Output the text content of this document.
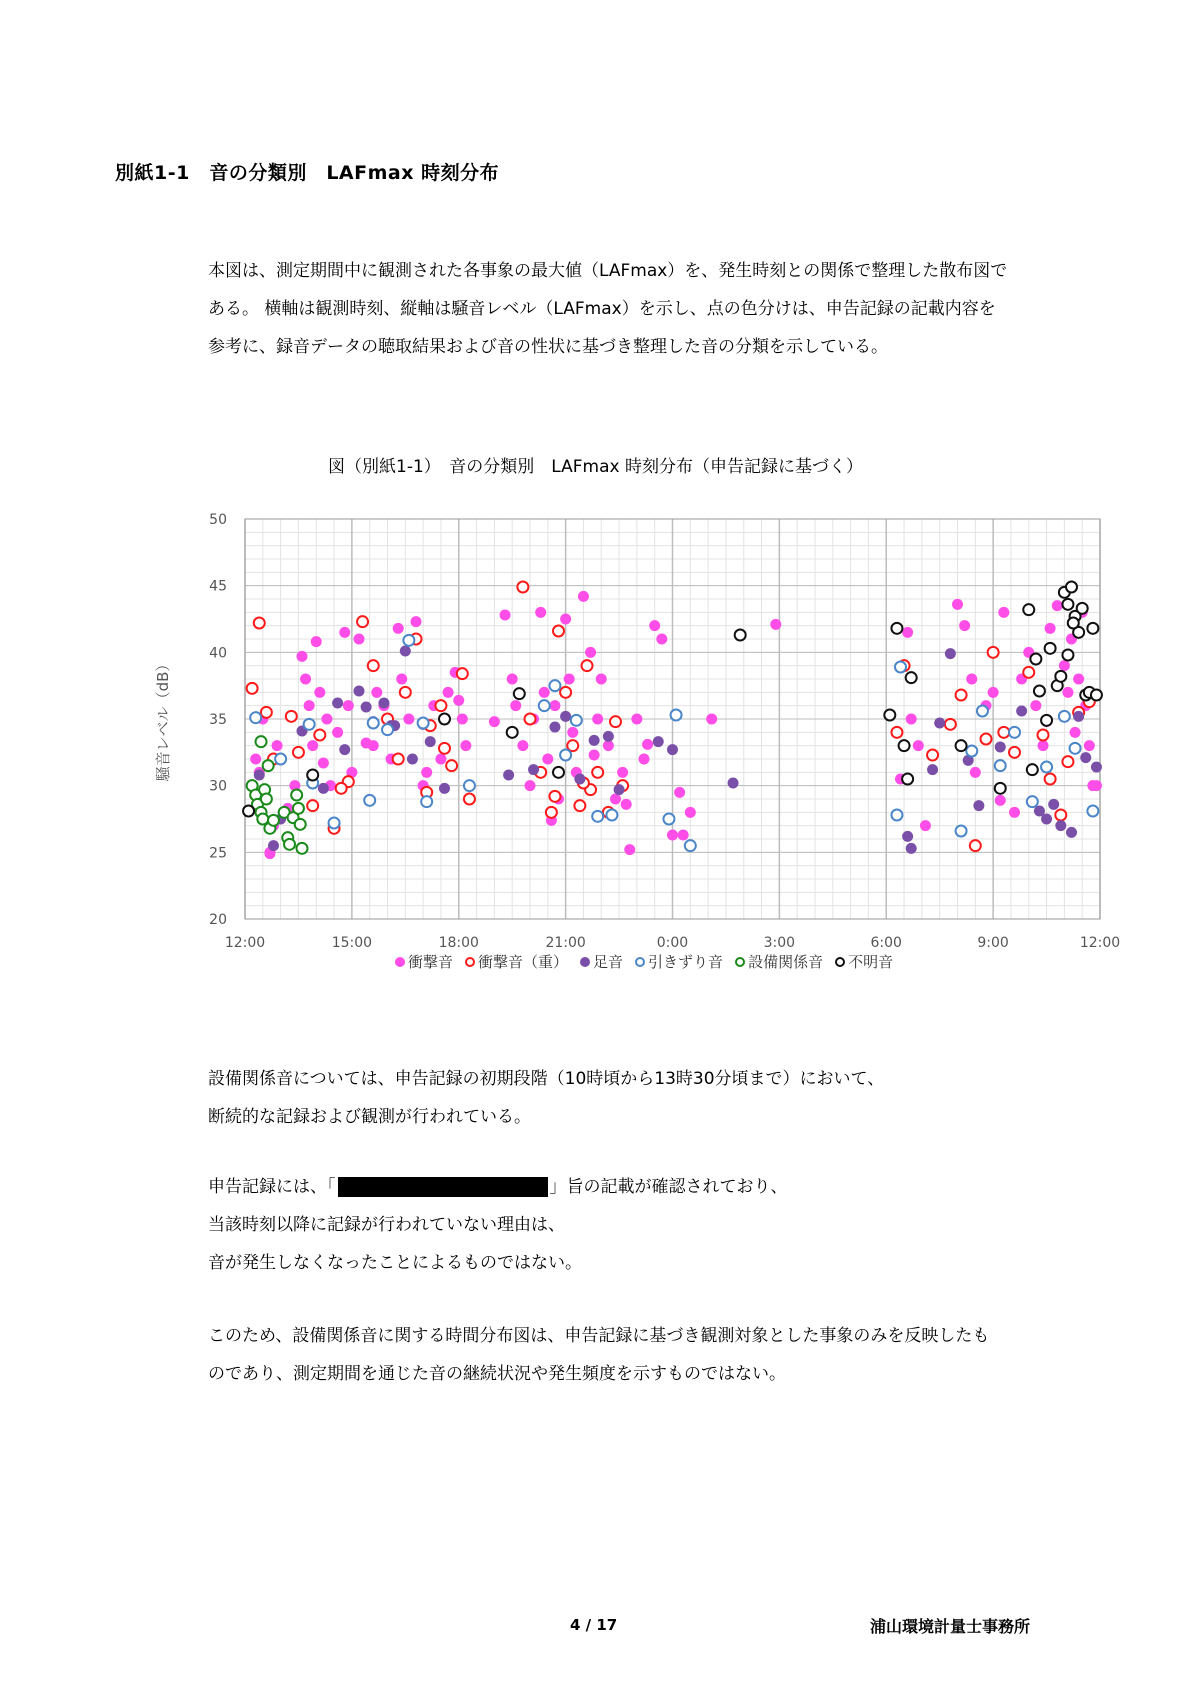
別紙1-1　音の分類別　LAFmax 時刻分布

本図は、測定期間中に観測された各事象の最大値（LAFmax）を、発生時刻との関係で整理した散布図で

ある。 横軸は観測時刻、縦軸は騒音レベル（LAFmax）を示し、点の色分けは、申告記録の記載内容を

参考に、録音データの聴取結果および音の性状に基づき整理した音の分類を示している。

図（別紙1-1）　音の分類別　LAFmax 時刻分布（申告記録に基づく）
20
25
30
35
40
45
50
12:00	15:00	18:00	21:00	0:00	3:00	6:00	9:00	12:00
騒音レベル（dB）
衝撃音 衝撃音（重） 足音 引きずり音 設備関係音 不明音

設備関係音については、申告記録の初期段階（10時頃から13時30分頃まで）において、

断続的な記録および観測が行われている。

申告記録には、「	」旨の記載が確認されており、

当該時刻以降に記録が行われていない理由は、

音が発生しなくなったことによるものではない。

このため、設備関係音に関する時間分布図は、申告記録に基づき観測対象とした事象のみを反映したも

のであり、測定期間を通じた音の継続状況や発生頻度を示すものではない。

4 / 17	浦山環境計量士事務所
